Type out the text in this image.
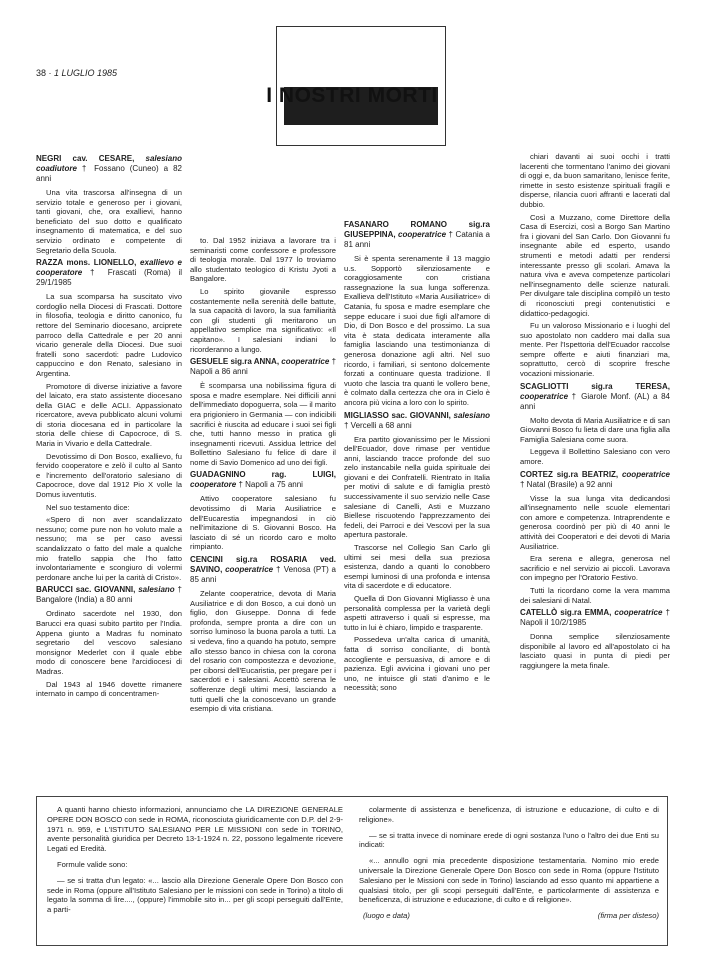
38 · 1 LUGLIO 1985
I NOSTRI MORTI
NEGRI cav. CESARE, salesiano coadiutore † Fossano (Cuneo) a 82 anni

Una vita trascorsa all'insegna di un servizio totale e generoso per i giovani, tanti giovani, che, ora exallievi, hanno beneficiato del suo dotto e qualificato insegnamento di matematica, e del suo servizio ordinato e competente di Segretario della Scuola.

RAZZA mons. LIONELLO, exallievo e cooperatore † Frascati (Roma) il 29/1/1985

La sua scomparsa ha suscitato vivo cordoglio nella Diocesi di Frascati. Dottore in filosofia, teologia e diritto canonico, fu rettore del Seminario diocesano, arciprete parroco della Cattedrale e per 20 anni vicario generale della Diocesi. Due suoi fratelli sono sacerdoti: padre Ludovico cappuccino e don Renato, salesiano in Argentina.

Promotore di diverse iniziative a favore del laicato, era stato assistente diocesano della GIAC e delle ACLI. Appassionato ricercatore, aveva pubblicato alcuni volumi di storia diocesana ed in particolare la storia delle chiese di Capocroce, di S. Maria in Vivario e della Cattedrale.

Devotissimo di Don Bosco, exallievo, fu fervido cooperatore e zelò il culto al Santo e l'incremento dell'oratorio salesiano di Capocroce, dove dal 1912 Pio X volle la Domus iuventutis.

Nel suo testamento dice:

«Spero di non aver scandalizzato nessuno; come pure non ho voluto male a nessuno; ma se per caso avessi scandalizzato o fatto del male a qualche mio fratello sappia che l'ho fatto involontariamente e scongiuro di volermi perdonare anche lui per la carità di Cristo».

BARUCCI sac. GIOVANNI, salesiano † Bangalore (India) a 80 anni

Ordinato sacerdote nel 1930, don Barucci era quasi subito partito per l'India. Appena giunto a Madras fu nominato segretario del vescovo salesiano monsignor Mederlet con il quale ebbe modo di conoscere bene l'arcidiocesi di Madras.

Dal 1943 al 1946 dovette rimanere internato in campo di concentramen-

to. Dal 1952 iniziava a lavorare tra i seminaristi come confessore e professore di teologia morale. Dal 1977 lo troviamo allo studentato teologico di Kristu Jyoti a Bangalore.

Lo spirito giovanile espresso costantemente nella serenità delle battute, la sua capacità di lavoro, la sua familiarità con gli studenti gli meritarono un appellativo semplice ma significativo: «Il capitano». I salesiani indiani lo ricorderanno a lungo.

GESUELE sig.ra ANNA, cooperatrice † Napoli a 86 anni

È scomparsa una nobilissima figura di sposa e madre esemplare. Nei difficili anni dell'immediato dopoguerra, sola — il marito era prigioniero in Germania — con indicibili sacrifici è riuscita ad educare i suoi sei figli che, tutti hanno messo in pratica gli insegnamenti ricevuti. Assidua lettrice del Bollettino Salesiano fu felice di dare il nome di Savio Domenico ad uno dei figli.

GUADAGNINO rag. LUIGI, cooperatore † Napoli a 75 anni

Attivo cooperatore salesiano fu devotissimo di Maria Ausiliatrice e dell'Eucarestia impegnandosi in ciò nell'imitazione di S. Giovanni Bosco. Ha lasciato di sé un ricordo caro e molto rimpianto.

CENCINI sig.ra ROSARIA ved. SAVINO, cooperatrice † Venosa (PT) a 85 anni

Zelante cooperatrice, devota di Maria Ausiliatrice e di don Bosco, a cui donò un figlio, don Giuseppe. Donna di fede profonda, sempre pronta a dire con un sorriso luminoso la buona parola a tutti. La si vedeva, fino a quando ha potuto, sempre allo stesso banco in chiesa con la corona del rosario con compostezza e devozione, per ciborsi dell'Eucaristia, per pregare per i sacerdoti e i salesiani. Accettò serena le sofferenze degli ultimi mesi, lasciando a tutti quelli che la conoscevano un grande esempio di vita cristiana.

FASANARO ROMANO sig.ra GIUSEPPINA, cooperatrice † Catania a 81 anni

Si è spenta serenamente il 13 maggio u.s. Sopportò silenziosamente e coraggiosamente con cristiana rassegnazione la sua lunga sofferenza. Exallieva dell'Istituto «Maria Ausiliatrice» di Catania, fu sposa e madre esemplare che seppe educare i suoi due figli all'amore di Dio, di Don Bosco e del prossimo. La sua vita è stata dedicata interamente alla famiglia lasciando una testimonianza di generosa donazione agli altri. Nel suo ricordo, i familiari, si sentono dolcemente forzati a continuare questa tradizione. Il vuoto che lascia tra quanti le vollero bene, è colmato dalla certezza che ora in Cielo è ancora più vicina a loro con lo spirito.

MIGLIASSO sac. GIOVANNI, salesiano † Vercelli a 68 anni

Era partito giovanissimo per le Missioni dell'Ecuador, dove rimase per ventidue anni, lasciando tracce profonde del suo zelo instancabile nella guida spirituale dei giovani e dei Confratelli. Rientrato in Italia per motivi di salute e di famiglia prestò successivamente il suo servizio nelle Case salesiane di Canelli, Asti e Muzzano Biellese riscuotendo l'apprezzamento dei fedeli, dei Parroci e dei Vescovi per la sua apertura pastorale.

Trascorse nel Collegio San Carlo gli ultimi sei mesi della sua preziosa esistenza, dando a quanti lo conobbero esempi luminosi di una profonda e intensa vita di sacerdote e di educatore.

Quella di Don Giovanni Migliasso è una personalità complessa per la varietà degli aspetti attraverso i quali si espresse, ma tutto in lui è chiaro, limpido e trasparente.

Possedeva un'alta carica di umanità, fatta di sorriso conciliante, di bontà accogliente e persuasiva, di amore e di pazienza. Egli avvicina i giovani uno per uno, ne intuisce gli stati d'animo e le necessità; sono

chiari davanti ai suoi occhi i tratti lacerenti che tormentano l'animo dei giovani di oggi e, da buon samaritano, lenisce ferite, rimette in sesto esistenze spirituali fragili e disperse, rilancia cuori affranti e lacerati dal dubbio.

Così a Muzzano, come Direttore della Casa di Esercizi, così a Borgo San Martino fra i giovani del San Carlo. Don Giovanni fu insegnante abile ed esperto, usando strumenti e metodi adatti per rendersi interessante presso gli scolari. Amava la natura viva e aveva competenze particolari nell'insegnamento delle scienze naturali. Per divulgare tale disciplina compilò un testo di riconosciuti pregi contenutistici e didattico-pedagogici.

Fu un valoroso Missionario e i luoghi del suo apostolato non caddero mai dalla sua mente. Per l'Ispettoria dell'Ecuador raccolse sempre offerte e aiuti finanziari ma, soprattutto, cercò di scoprire fresche vocazioni missionarie.

SCAGLIOTTI sig.ra TERESA, cooperatrice † Giarole Monf. (AL) a 84 anni

Molto devota di Maria Ausiliatrice e di san Giovanni Bosco fu lieta di dare una figlia alla Famiglia Salesiana come suora.

Leggeva il Bollettino Salesiano con vero amore.

CORTEZ sig.ra BEATRIZ, cooperatrice † Natal (Brasile) a 92 anni

Visse la sua lunga vita dedicandosi all'insegnamento nelle scuole elementari con amore e competenza. Intraprendente e generosa coordinò per più di 40 anni le attività dei Cooperatori e dei devoti di Maria Ausiliatrice.

Era serena e allegra, generosa nel sacrificio e nel servizio ai piccoli. Lavorava con impegno per l'Oratorio Festivo.

Tutti la ricordano come la vera mamma dei salesiani di Natal.

CATELLÒ sig.ra EMMA, cooperatrice † Napoli il 10/2/1985

Donna semplice silenziosamente disponibile al lavoro ed all'apostolato ci ha lasciato quasi in punta di piedi per raggiungere la meta finale.

A quanti hanno chiesto informazioni, annunciamo che LA DIREZIONE GENERALE OPERE DON BOSCO con sede in ROMA, riconosciuta giuridicamente con D.P. del 2-9-1971 n. 959, e L'ISTITUTO SALESIANO PER LE MISSIONI con sede in TORINO, avente personalità giuridica per Decreto 13-1-1924 n. 22, possono legalmente ricevere Legati ed Eredità.

Formule valide sono:

— se si tratta d'un legato: «... lascio alla Direzione Generale Opere Don Bosco con sede in Roma (oppure all'Istituto Salesiano per le missioni con sede in Torino) a titolo di legato la somma di lire...., (oppure) l'immobile sito in... per gli scopi perseguiti dall'Ente, a parti-

colarmente di assistenza e beneficenza, di istruzione e educazione, di culto e di religione».

— se si tratta invece di nominare erede di ogni sostanza l'uno o l'altro dei due Enti su indicati:

«... annullo ogni mia precedente disposizione testamentaria. Nomino mio erede universale la Direzione Generale Opere Don Bosco con sede in Roma (oppure l'Istituto Salesiano per le Missioni con sede in Torino) lasciando ad esso quanto mi appartiene a qualsiasi titolo, per gli scopi perseguiti dall'Ente, e particolarmente di assistenza e beneficenza, di istruzione e educazione, di culto e di religione».

(luogo e data)	(firma per disteso)
